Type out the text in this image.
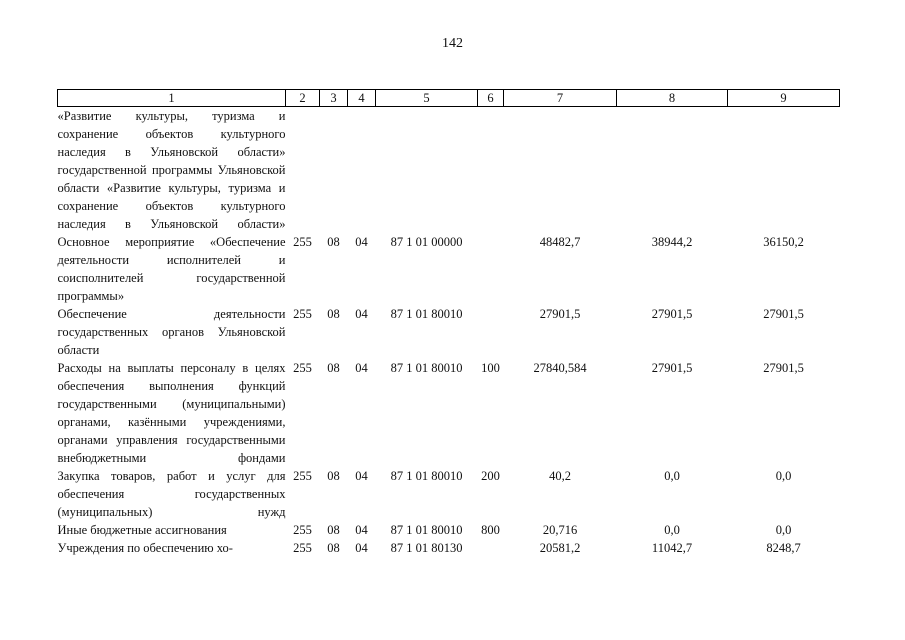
142
1	2	3	4	5	6	7	8	9
«Развитие культуры, туризма и сохранение объектов культурного наследия в Ульяновской области» государственной программы Ульяновской области «Развитие культуры, туризма и сохранение объектов культурного наследия в Ульяновской области»								
Основное мероприятие «Обеспечение деятельности исполнителей и соисполнителей государственной программы»	255	08	04	87 1 01 00000		48482,7	38944,2	36150,2
Обеспечение деятельности государственных органов Ульяновской области	255	08	04	87 1 01 80010		27901,5	27901,5	27901,5
Расходы на выплаты персоналу в целях обеспечения выполнения функций государственными (муниципальными) органами, казёнными учреждениями, органами управления государственными внебюджетными фондами	255	08	04	87 1 01 80010	100	27840,584	27901,5	27901,5
Закупка товаров, работ и услуг для обеспечения государственных (муниципальных) нужд	255	08	04	87 1 01 80010	200	40,2	0,0	0,0
Иные бюджетные ассигнования	255	08	04	87 1 01 80010	800	20,716	0,0	0,0
Учреждения по обеспечению хо-	255	08	04	87 1 01 80130		20581,2	11042,7	8248,7
